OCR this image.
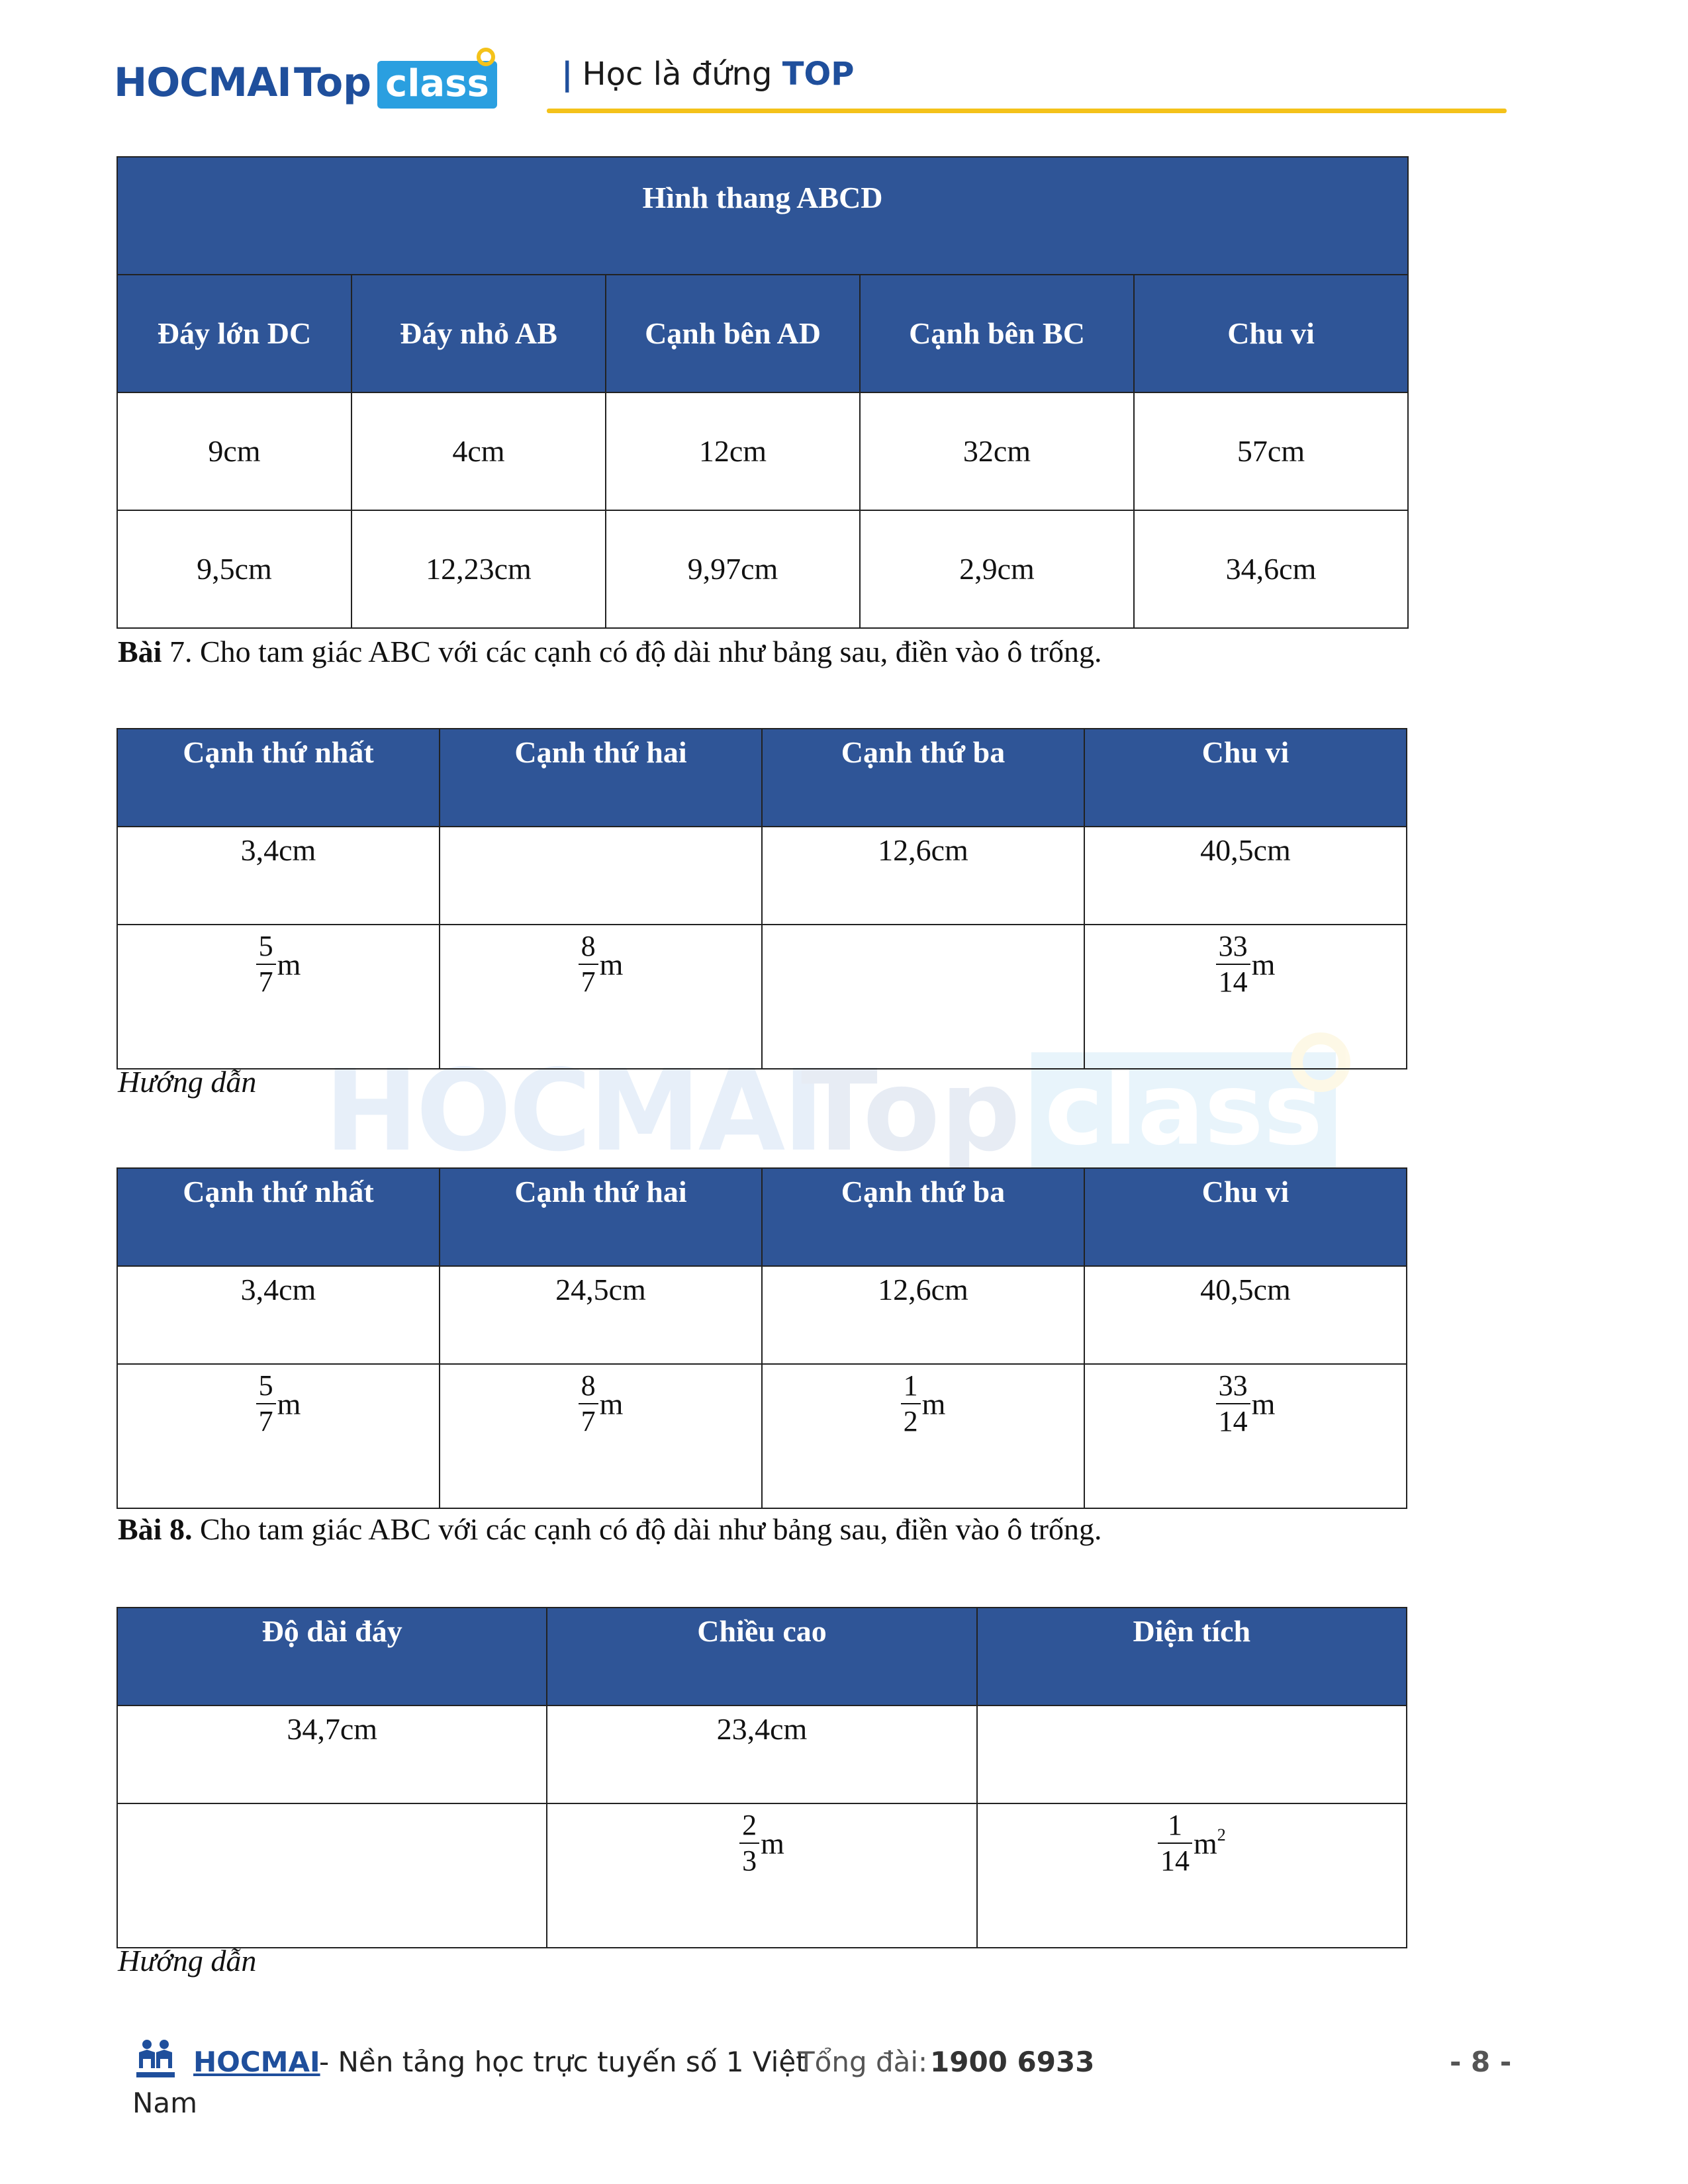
HOCMAI Top class | Học là đứng TOP
HOCMAI
Top class
Hình thang ABCD				
Đáy lớn DC	Đáy nhỏ AB	Cạnh bên AD	Cạnh bên BC	Chu vi
9cm	4cm	12cm	32cm	57cm
9,5cm	12,23cm	9,97cm	2,9cm	34,6cm
Bài 7. Cho tam giác ABC với các cạnh có độ dài như bảng sau, điền vào ô trống.
Cạnh thứ nhất	Cạnh thứ hai	Cạnh thứ ba	Chu vi
3,4cm		12,6cm	40,5cm

$\frac{5}{7}$ m	$\frac{8}{7}$ m		$\frac{33}{14}$ m
Hướng dẫn
Cạnh thứ nhất	Cạnh thứ hai	Cạnh thứ ba	Chu vi
3,4cm	24,5cm	12,6cm	40,5cm

$\frac{5}{7}$ m	$\frac{8}{7}$ m	$\frac{1}{2}$ m	$\frac{33}{14}$ m
Bài 8. Cho tam giác ABC với các cạnh có độ dài như bảng sau, điền vào ô trống.
Độ dài đáy	Chiều cao	Diện tích
34,7cm	23,4cm	

	$\frac{2}{3}$ m	$\frac{1}{14} m^2$
Hướng dẫn
HOCMAI
- Nền tảng học trực tuyến số 1 Việt
Tổng đài: 1900 6933	- 8 -
Nam
